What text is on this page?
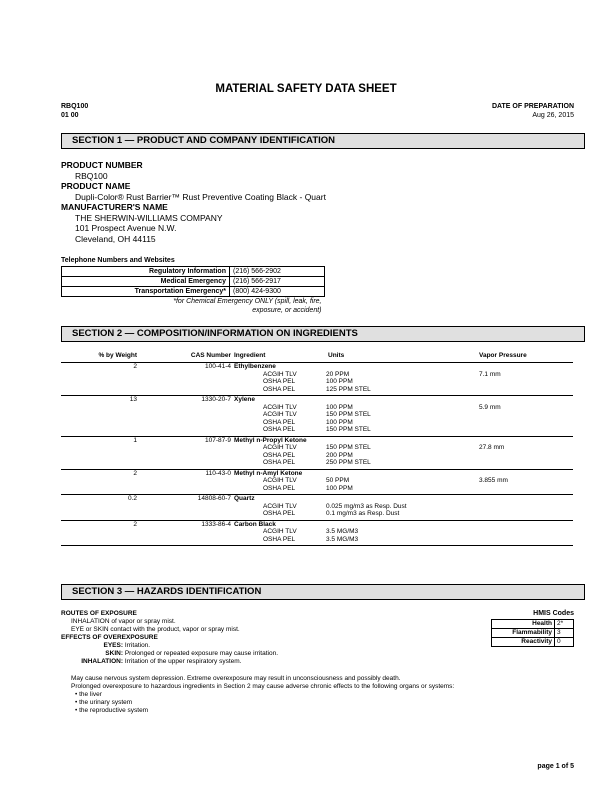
MATERIAL SAFETY DATA SHEET
RBQ100
01 00
DATE OF PREPARATION
Aug 26, 2015
SECTION 1 — PRODUCT AND COMPANY IDENTIFICATION
PRODUCT NUMBER
RBQ100
PRODUCT NAME
Dupli-Color® Rust Barrier™ Rust Preventive Coating Black - Quart
MANUFACTURER'S NAME
THE SHERWIN-WILLIAMS COMPANY
101 Prospect Avenue N.W.
Cleveland, OH 44115
Telephone Numbers and Websites
Regulatory Information	(216) 566-2902
Medical Emergency	(216) 566-2917
Transportation Emergency*	(800) 424-9300

*for Chemical Emergency ONLY (spill, leak, fire, exposure, or accident)	
SECTION 2 — COMPOSITION/INFORMATION ON INGREDIENTS
% by Weight	CAS Number Ingredient	Units	Vapor Pressure
2	100-41-4 Ethylbenzene
ACGIH TLV	20 PPM	7.1 mm
OSHA PEL	100 PPM
OSHA PEL	125 PPM STEL
13	1330-20-7 Xylene
ACGIH TLV	100 PPM	5.9 mm
ACGIH TLV	150 PPM STEL
OSHA PEL	100 PPM
OSHA PEL	150 PPM STEL
1	107-87-9 Methyl n-Propyl Ketone
ACGIH TLV	150 PPM STEL	27.8 mm
OSHA PEL	200 PPM
OSHA PEL	250 PPM STEL
2	110-43-0 Methyl n-Amyl Ketone
ACGIH TLV	50 PPM	3.855 mm
OSHA PEL	100 PPM
0.2	14808-60-7 Quartz
ACGIH TLV	0.025 mg/m3 as Resp. Dust
OSHA PEL	0.1 mg/m3 as Resp. Dust
2	1333-86-4 Carbon Black
ACGIH TLV	3.5 MG/M3
OSHA PEL	3.5 MG/M3
SECTION 3 — HAZARDS IDENTIFICATION
ROUTES OF EXPOSURE
INHALATION of vapor or spray mist.
EYE or SKIN contact with the product, vapor or spray mist.
EFFECTS OF OVEREXPOSURE
EYES: Irritation.
SKIN: Prolonged or repeated exposure may cause irritation.
INHALATION: Irritation of the upper respiratory system.
May cause nervous system depression. Extreme overexposure may result in unconsciousness and possibly death.
Prolonged overexposure to hazardous ingredients in Section 2 may cause adverse chronic effects to the following organs or systems:
• the liver
• the urinary system
• the reproductive system
HMIS Codes
Health	2*
Flammability	3
Reactivity	0
page 1 of 5
